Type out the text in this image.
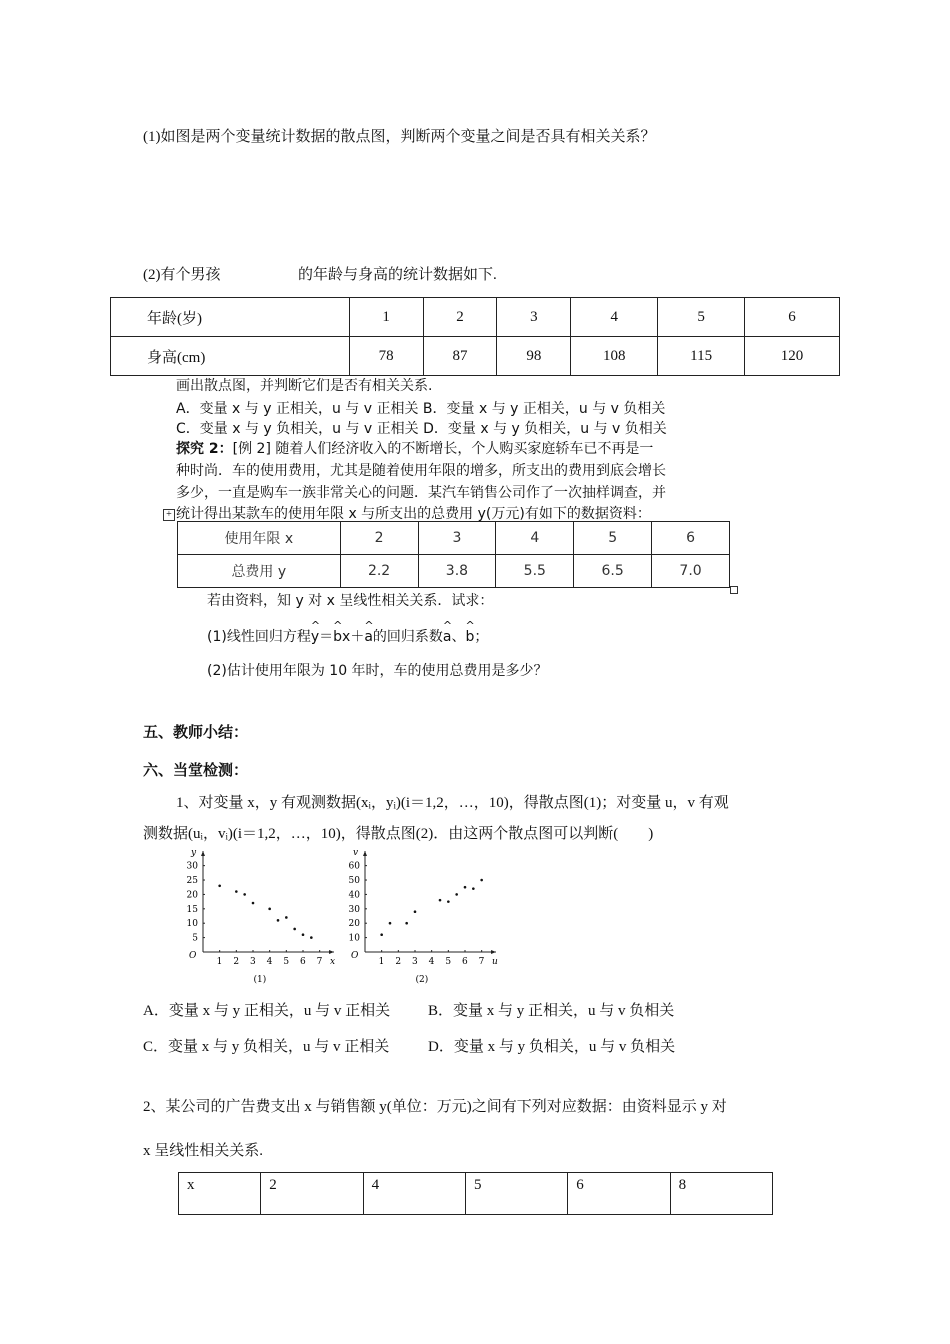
(1)如图是两个变量统计数据的散点图，判断两个变量之间是否具有相关关系？
(2)有个男孩	的年龄与身高的统计数据如下.
年龄(岁)	1	2	3	4	5	6
身高(cm)	78	87	98	108	115	120
画出散点图，并判断它们是否有相关关系.
A．变量 x 与 y 正相关，u 与 v 正相关 B．变量 x 与 y 正相关，u 与 v 负相关
C．变量 x 与 y 负相关，u 与 v 正相关 D．变量 x 与 y 负相关，u 与 v 负相关
探究 2：[例 2] 随着人们经济收入的不断增长，个人购买家庭轿车已不再是一
种时尚．车的使用费用，尤其是随着使用年限的增多，所支出的费用到底会增长
多少，一直是购车一族非常关心的问题．某汽车销售公司作了一次抽样调查，并
统计得出某款车的使用年限 x 与所支出的总费用 y(万元)有如下的数据资料：
+
使用年限 x	2	3	4	5	6
总费用 y	2.2	3.8	5.5	6.5	7.0
若由资料，知 y 对 x 呈线性相关关系．试求：
(1)线性回归方程^ y＝^ bx＋^ a的回归系数^ a、^ b；
(2)估计使用年限为 10 年时，车的使用总费用是多少？
五、教师小结：
六、当堂检测：
1、对变量 x，y 有观测数据(xᵢ，yᵢ)(i＝1,2，…，10)，得散点图(1)；对变量 u，v 有观
测数据(uᵢ，vᵢ)(i＝1,2，…，10)，得散点图(2)．由这两个散点图可以判断(　　)
O
x
y
1 2 3 4 5 6 7
5
10
15
20
25
30
(1)
O
u
v
1 2 3 4 5 6 7
10
20
30
40
50
60
(2)
A．变量 x 与 y 正相关，u 与 v 正相关	B．变量 x 与 y 正相关，u 与 v 负相关
C．变量 x 与 y 负相关，u 与 v 正相关	D．变量 x 与 y 负相关，u 与 v 负相关
2、某公司的广告费支出 x 与销售额 y(单位：万元)之间有下列对应数据：由资料显示 y 对
x 呈线性相关关系.
x	2	4	5	6	8
